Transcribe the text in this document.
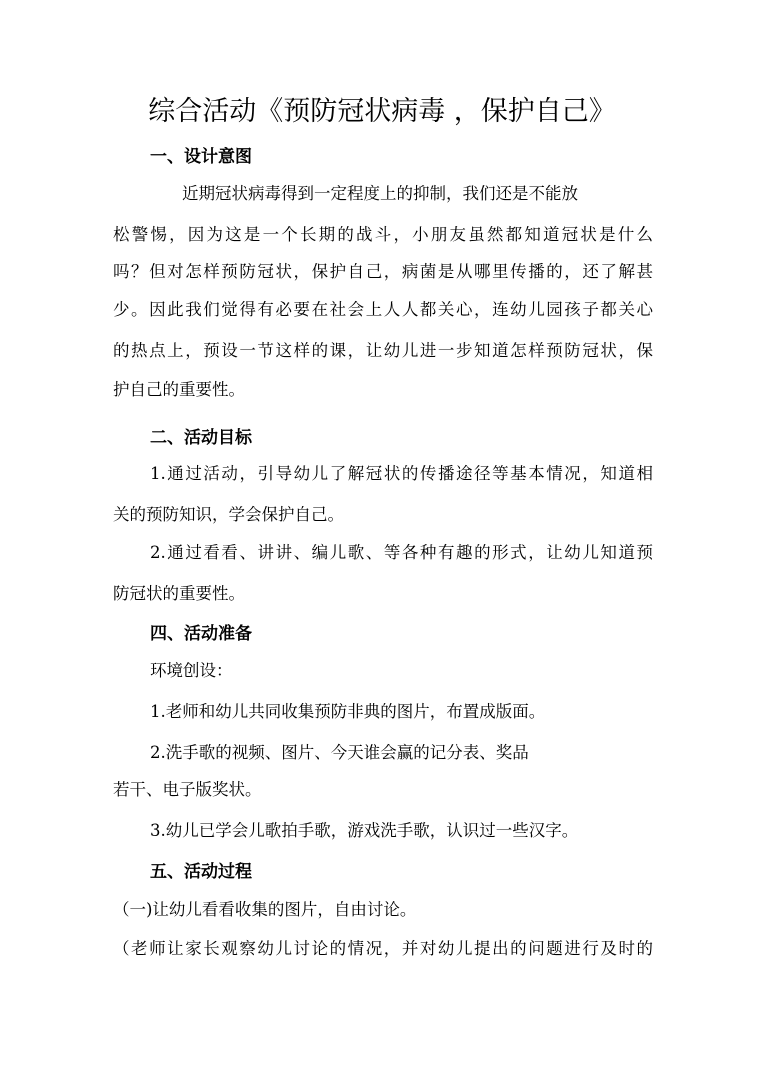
综合活动《预防冠状病毒 ，保护自己》
一、设计意图
近期冠状病毒得到一定程度上的抑制，我们还是不能放
松警惕，因为这是一个长期的战斗，小朋友虽然都知道冠状是什么
吗？但对怎样预防冠状，保护自己，病菌是从哪里传播的，还了解甚
少。因此我们觉得有必要在社会上人人都关心，连幼儿园孩子都关心
的热点上，预设一节这样的课，让幼儿进一步知道怎样预防冠状，保
护自己的重要性。
二、活动目标
1.通过活动，引导幼儿了解冠状的传播途径等基本情况，知道相
关的预防知识，学会保护自己。
2.通过看看、讲讲、编儿歌、等各种有趣的形式，让幼儿知道预
防冠状的重要性。
四、活动准备
环境创设：
1.老师和幼儿共同收集预防非典的图片，布置成版面。
2.洗手歌的视频、图片、今天谁会赢的记分表、奖品
若干、电子版奖状。
3.幼儿已学会儿歌拍手歌，游戏洗手歌，认识过一些汉字。
五、活动过程
（一)让幼儿看看收集的图片，自由讨论。
（老师让家长观察幼儿讨论的情况，并对幼儿提出的问题进行及时的
